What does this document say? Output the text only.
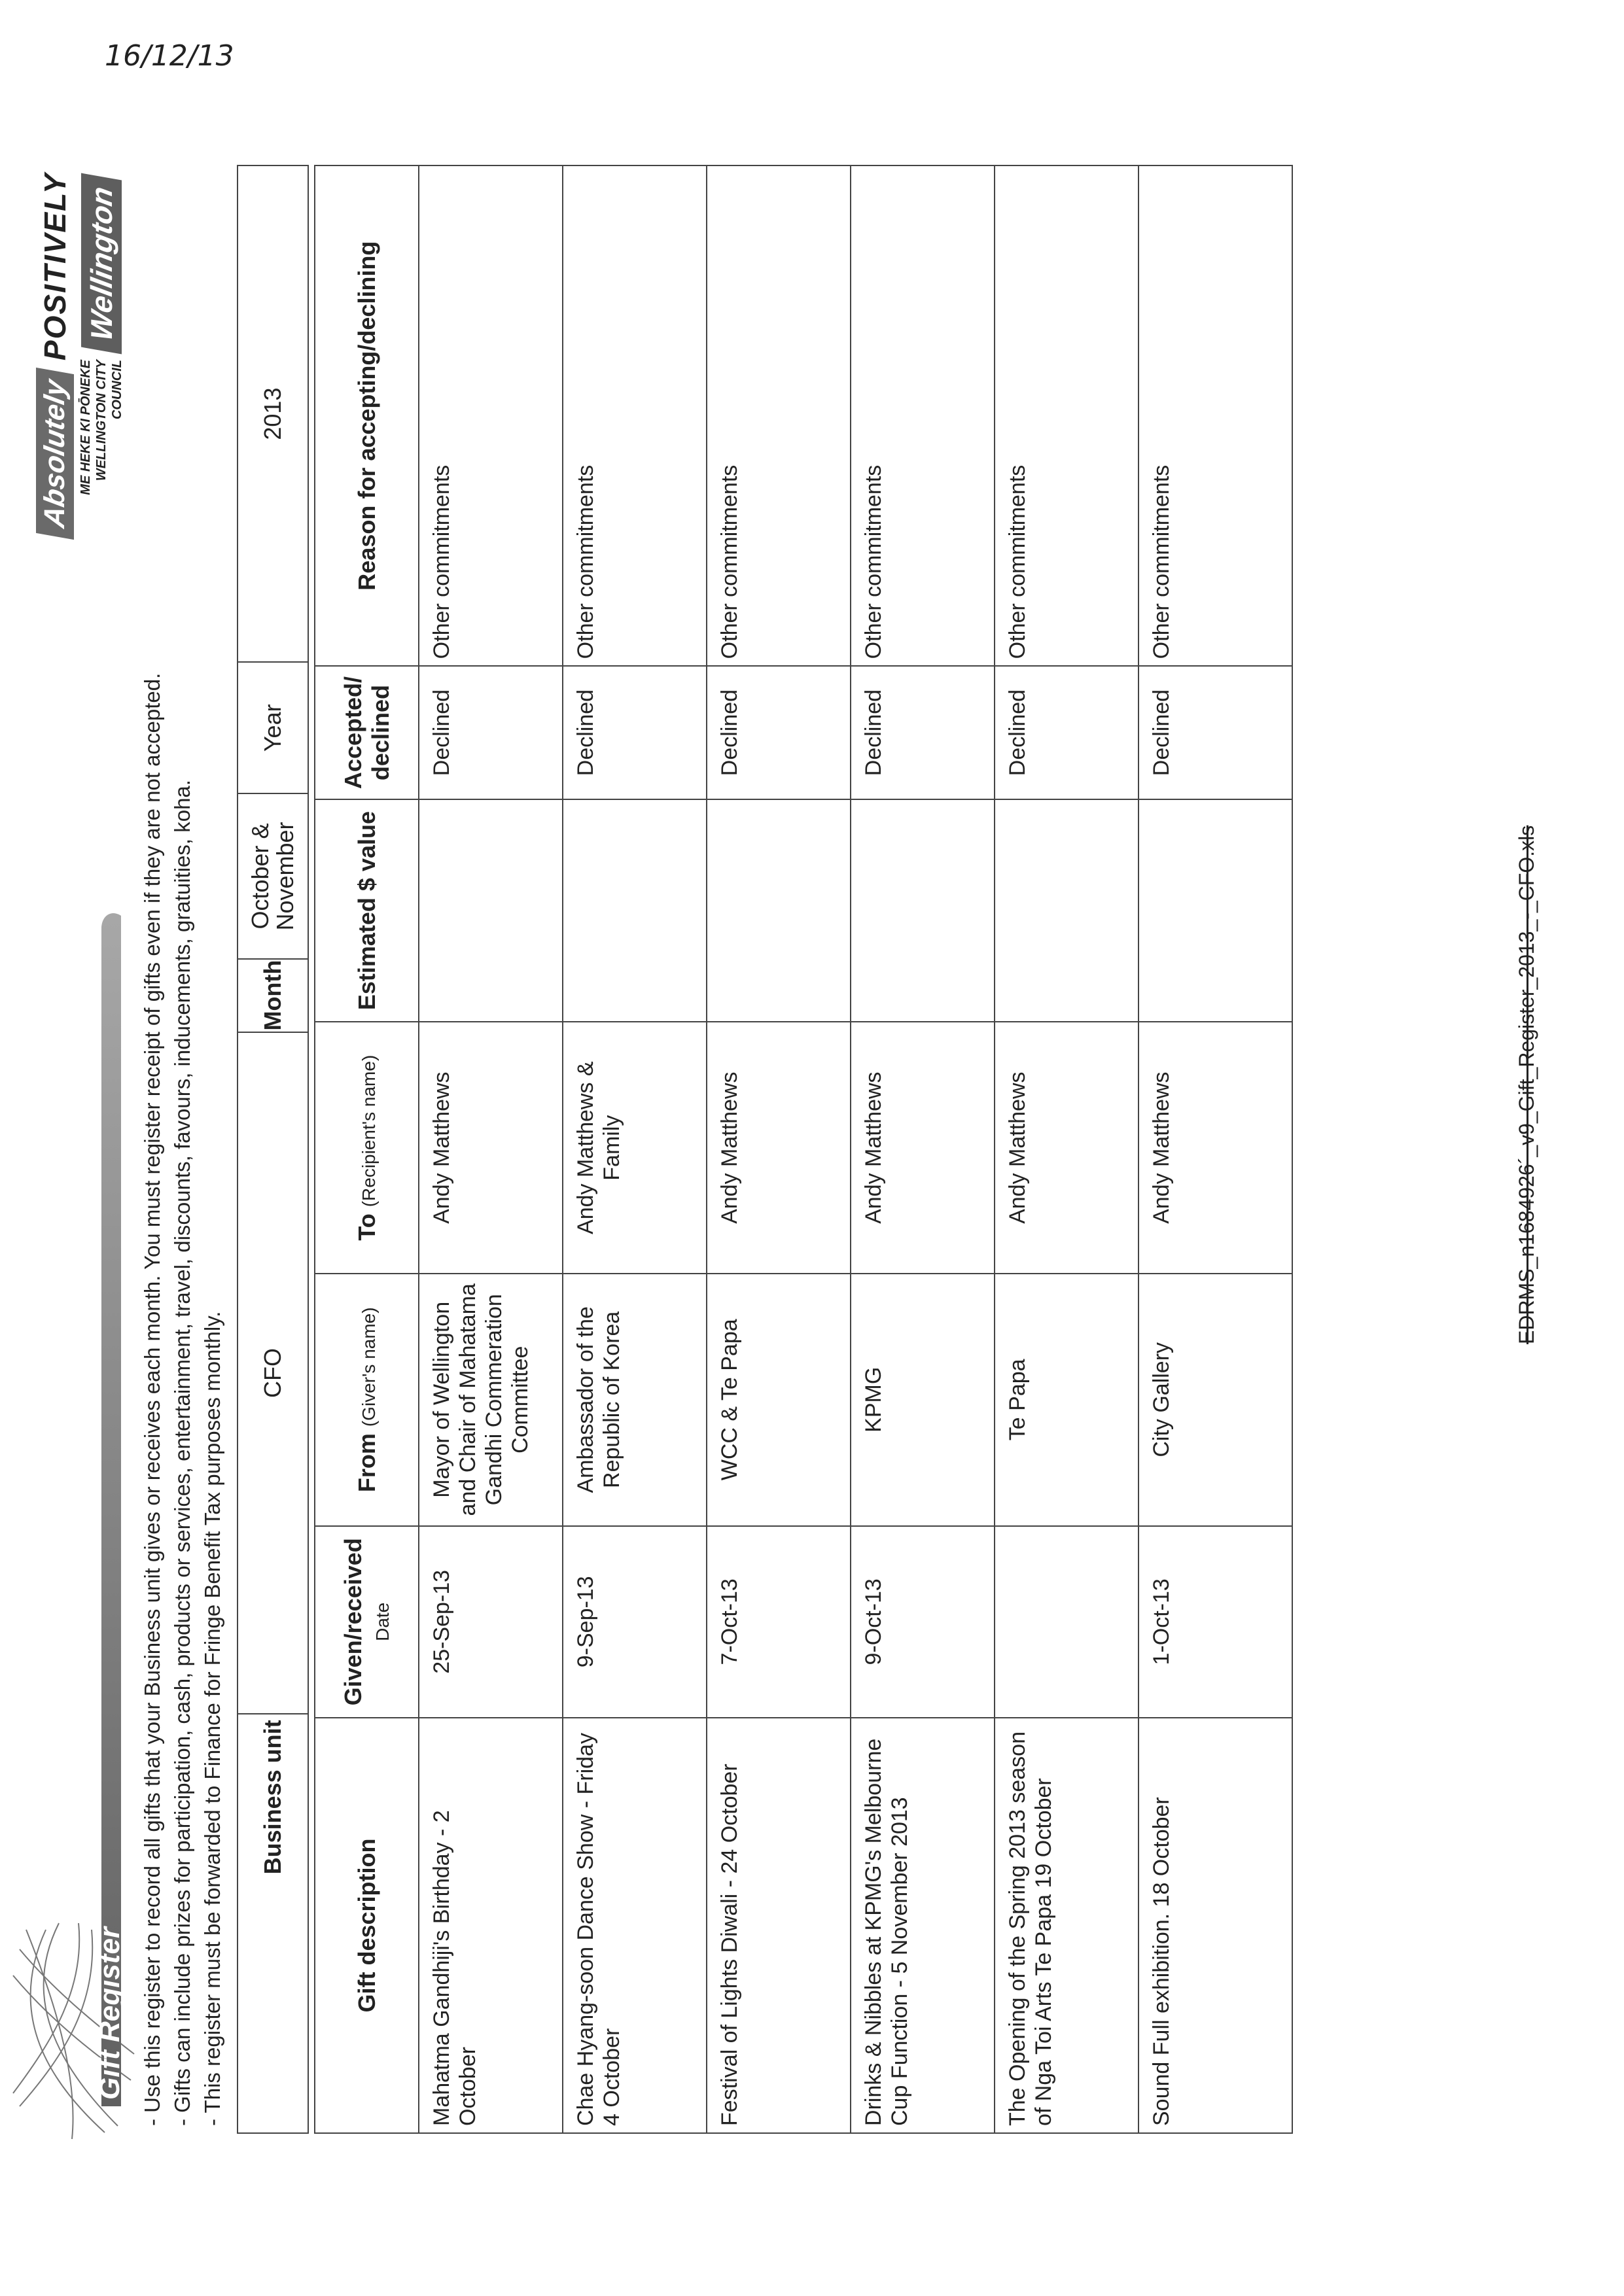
Gift Register
Absolutely
POSITIVELY
ME HEKE KI PŌNEKE WELLINGTON CITY COUNCIL
Wellington
16/12/13
- Use this register to record all gifts that your Business unit gives or receives each month. You must register receipt of gifts even if they are not accepted. - Gifts can include prizes for participation, cash, products or services, entertainment, travel, discounts, favours, inducements, gratuities, koha. - This register must be forwarded to Finance for Fringe Benefit Tax purposes monthly. Business unit	CFO	Month	October & November	Year	2013
Gift description	Given/received Date	From (Giver's name)	To (Recipient's name)	Estimated $ value	Accepted/ declined	Reason for accepting/declining
Mahatma Gandhiji's Birthday - 2 October	25-Sep-13	Mayor of Wellington and Chair of Mahatama Gandhi Commeration Committee	Andy Matthews		Declined	Other commitments
Chae Hyang-soon Dance Show - Friday 4 October	9-Sep-13	Ambassador of the Republic of Korea	Andy Matthews & Family		Declined	Other commitments
Festival of Lights Diwali - 24 October	7-Oct-13	WCC & Te Papa	Andy Matthews		Declined	Other commitments
Drinks & Nibbles at KPMG's Melbourne Cup Function - 5 November 2013	9-Oct-13	KPMG	Andy Matthews		Declined	Other commitments
The Opening of the Spring 2013 season of Nga Toi Arts Te Papa 19 October		Te Papa	Andy Matthews		Declined	Other commitments
Sound Full exhibition. 18 October	1-Oct-13	City Gallery	Andy Matthews		Declined	Other commitments
EDRMS_n1684926´_v9_Gift_Register_2013_-_CFO.xls
